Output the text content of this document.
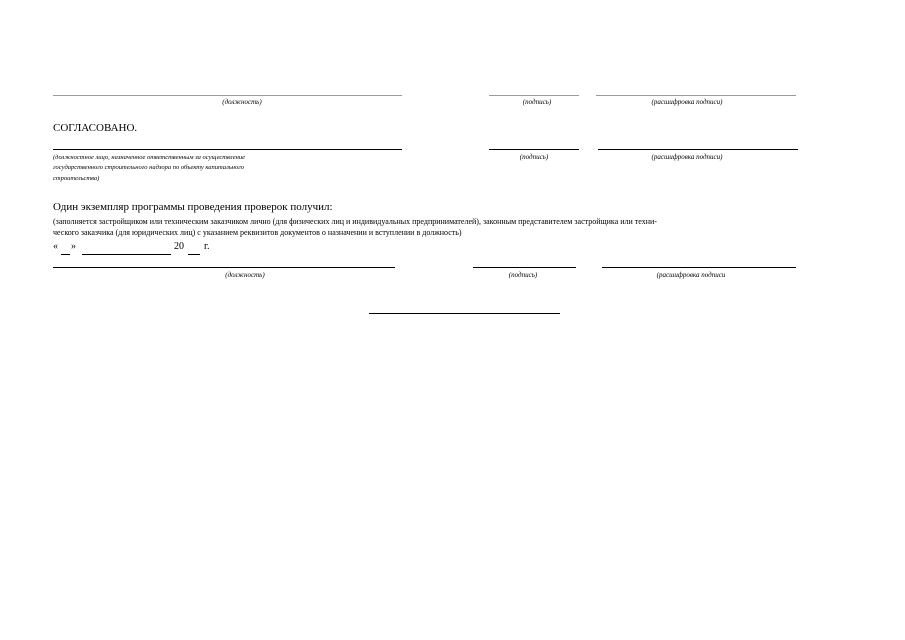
(должность)	(подпись)	(расшифровка подписи)
СОГЛАСОВАНО.
(должностное лицо, назначенное ответственным за осуществление
государственного строительного надзора по объекту капитального
строительства)
(подпись)	(расшифровка подписи)
Один экземпляр программы проведения проверок получил:
(заполняется застройщиком или техническим заказчиком лично (для физических лиц и индивидуальных предпринимателей), законным представителем застройщика или техни-
ческого заказчика (для юридических лиц) с указанием реквизитов документов о назначении и вступлении в должность)
« »	20 г.
(должность)	(подпись)	(расшифровка подписи
